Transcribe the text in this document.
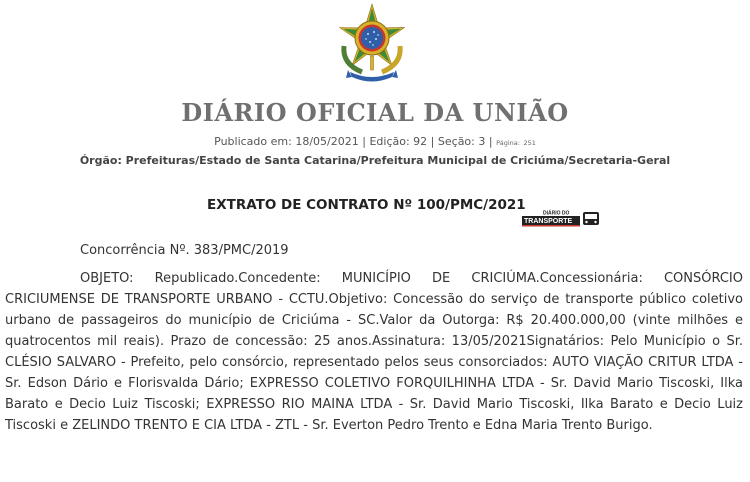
DIÁRIO OFICIAL DA UNIÃO
Publicado em: 18/05/2021 | Edição: 92 | Seção: 3 | Página: 251
Órgão: Prefeituras/Estado de Santa Catarina/Prefeitura Municipal de Criciúma/Secretaria-Geral
EXTRATO DE CONTRATO Nº 100/PMC/2021
DIÁRIO DO
TRANSPORTE
Concorrência Nº. 383/PMC/2019
OBJETO: Republicado.Concedente: MUNICÍPIO DE CRICIÚMA.Concessionária: CONSÓRCIO CRICIUMENSE DE TRANSPORTE URBANO - CCTU.Objetivo: Concessão do serviço de transporte público coletivo urbano de passageiros do município de Criciúma - SC.Valor da Outorga: R$ 20.400.000,00 (vinte milhões e quatrocentos mil reais). Prazo de concessão: 25 anos.Assinatura: 13/05/2021Signatários: Pelo Município o Sr. CLÉSIO SALVARO - Prefeito, pelo consórcio, representado pelos seus consorciados: AUTO VIAÇÃO CRITUR LTDA - Sr. Edson Dário e Florisvalda Dário; EXPRESSO COLETIVO FORQUILHINHA LTDA - Sr. David Mario Tiscoski, Ilka Barato e Decio Luiz Tiscoski; EXPRESSO RIO MAINA LTDA - Sr. David Mario Tiscoski, Ilka Barato e Decio Luiz Tiscoski e ZELINDO TRENTO E CIA LTDA - ZTL - Sr. Everton Pedro Trento e Edna Maria Trento Burigo.
